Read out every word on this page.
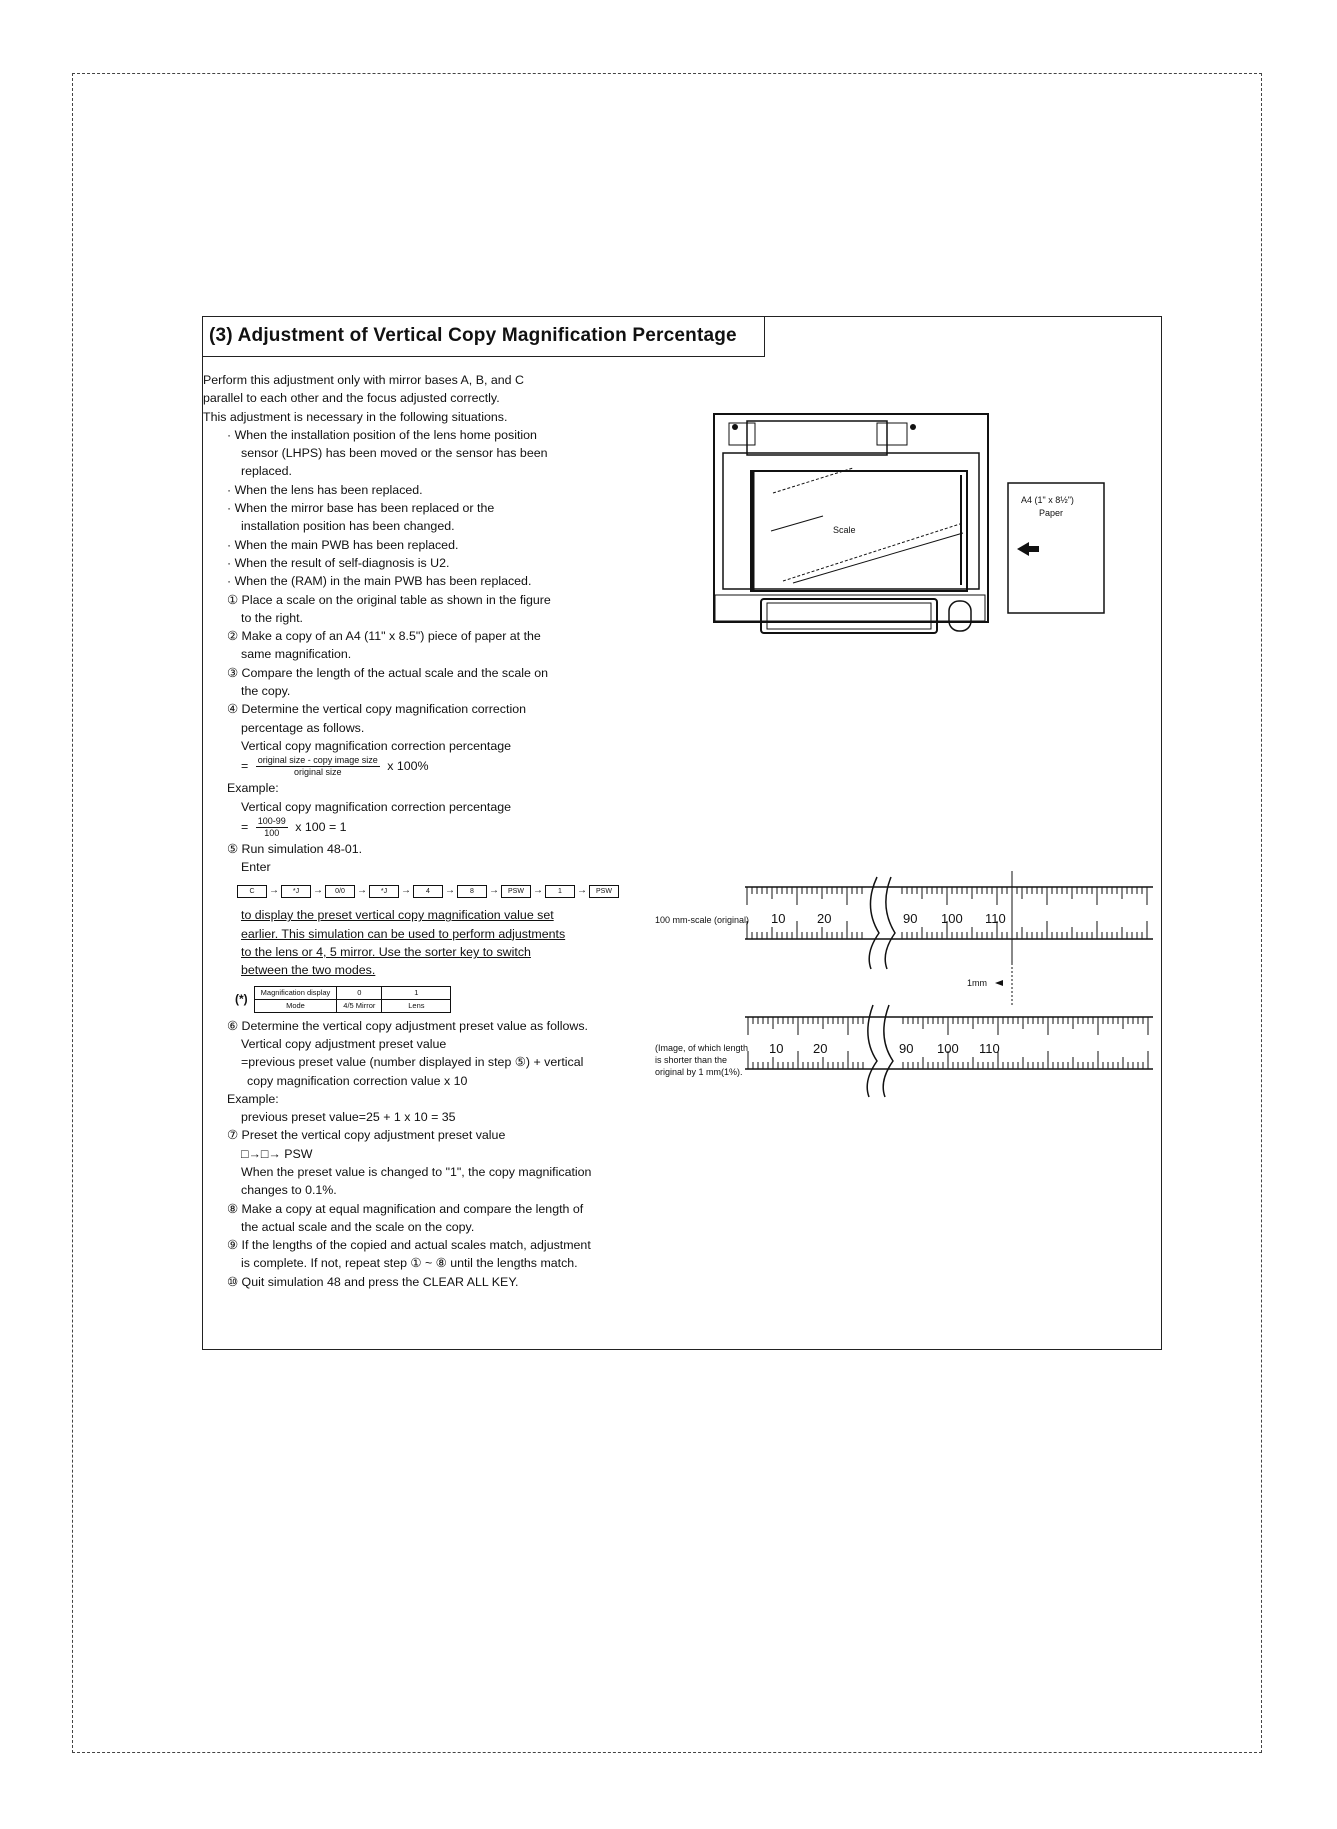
(3) Adjustment of Vertical Copy Magnification Percentage

Perform this adjustment only with mirror bases A, B, and C

parallel to each other and the focus adjusted correctly.

This adjustment is necessary in the following situations.

· When the installation position of the lens home position

sensor (LHPS) has been moved or the sensor has been

replaced.

· When the lens has been replaced.

· When the mirror base has been replaced or the

installation position has been changed.

· When the main PWB has been replaced.

· When the result of self-diagnosis is U2.

· When the (RAM) in the main PWB has been replaced.

① Place a scale on the original table as shown in the figure

to the right.

② Make a copy of an A4 (11" x 8.5") piece of paper at the

same magnification.

③ Compare the length of the actual scale and the scale on

the copy.

④ Determine the vertical copy magnification correction

percentage as follows.

Vertical copy magnification correction percentage

= $\frac{\text{original size - copy image size}}{\text{original size}}$ x 100%

Example:

Vertical copy magnification correction percentage

= $\frac{100-99}{100}$ x 100 = 1

⑤ Run simulation 48-01.

Enter

C	→	*J	→	0/0	→	*J	→	4	→	8	→	PSW →	1	→	PSW

to display the preset vertical copy magnification value set

earlier. This simulation can be used to perform adjustments

to the lens or 4, 5 mirror. Use the sorter key to switch

between the two modes.

(*) Magnification display	0	1
Mode	4/5 Mirror	Lens

⑥ Determine the vertical copy adjustment preset value as follows.

Vertical copy adjustment preset value

=previous preset value (number displayed in step ⑤) + vertical

copy magnification correction value x 10

Example:

previous preset value=25 + 1 x 10 = 35

⑦ Preset the vertical copy adjustment preset value

□→□→ PSW

When the preset value is changed to "1", the copy magnification

changes to 0.1%.

⑧ Make a copy at equal magnification and compare the length of

the actual scale and the scale on the copy.

⑨ If the lengths of the copied and actual scales match, adjustment

is complete. If not, repeat step ① ~ ⑧ until the lengths match.

⑩ Quit simulation 48 and press the CLEAR ALL KEY.

Scale
A4 (1" x 8½")
Paper
100 mm-scale (original)
(Image, of which length
is shorter than the
original by 1 mm(1%).
1mm
10 20	90 100 110
10 20	90 100 110
